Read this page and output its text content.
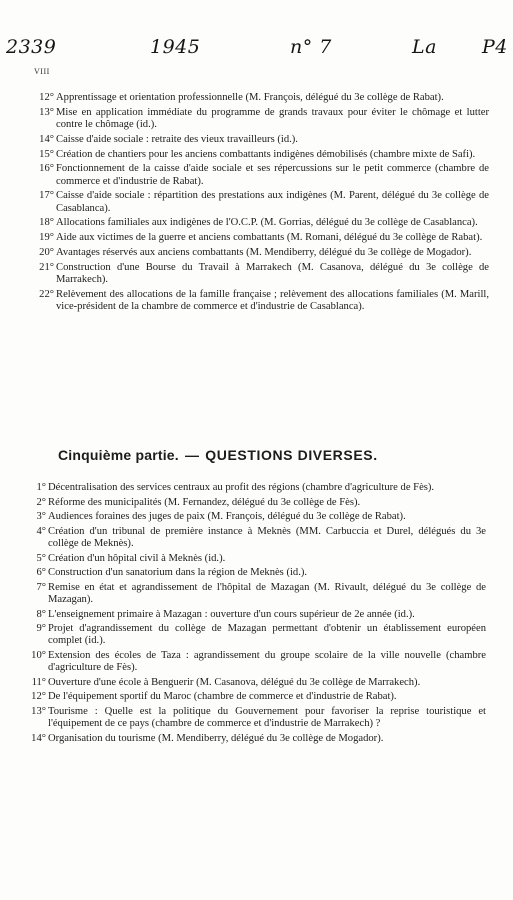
2339	1945	n° 7	La P4
VIII
12° Apprentissage et orientation professionnelle (M. François, délégué du 3e collège de Rabat).
13° Mise en application immédiate du programme de grands travaux pour éviter le chômage et lutter contre le chômage (id.).
14° Caisse d'aide sociale : retraite des vieux travailleurs (id.).
15° Création de chantiers pour les anciens combattants indigènes démobilisés (chambre mixte de Safi).
16° Fonctionnement de la caisse d'aide sociale et ses répercussions sur le petit commerce (chambre de commerce et d'industrie de Rabat).
17° Caisse d'aide sociale : répartition des prestations aux indigènes (M. Parent, délégué du 3e collège de Casablanca).
18° Allocations familiales aux indigènes de l'O.C.P. (M. Gorrias, délégué du 3e collège de Casablanca).
19° Aide aux victimes de la guerre et anciens combattants (M. Romani, délégué du 3e collège de Rabat).
20° Avantages réservés aux anciens combattants (M. Mendiberry, délégué du 3e collège de Mogador).
21° Construction d'une Bourse du Travail à Marrakech (M. Casanova, délégué du 3e collège de Marrakech).
22° Relèvement des allocations de la famille française ; relèvement des allocations familiales (M. Marill, vice-président de la chambre de commerce et d'industrie de Casablanca).
Cinquième partie. — QUESTIONS DIVERSES.
1° Décentralisation des services centraux au profit des régions (chambre d'agriculture de Fès).
2° Réforme des municipalités (M. Fernandez, délégué du 3e collège de Fès).
3° Audiences foraines des juges de paix (M. François, délégué du 3e collège de Rabat).
4° Création d'un tribunal de première instance à Meknès (MM. Carbuccia et Durel, délégués du 3e collège de Meknès).
5° Création d'un hôpital civil à Meknès (id.).
6° Construction d'un sanatorium dans la région de Meknès (id.).
7° Remise en état et agrandissement de l'hôpital de Mazagan (M. Rivault, délégué du 3e collège de Mazagan).
8° L'enseignement primaire à Mazagan : ouverture d'un cours supérieur de 2e année (id.).
9° Projet d'agrandissement du collège de Mazagan permettant d'obtenir un établissement européen complet (id.).
10° Extension des écoles de Taza : agrandissement du groupe scolaire de la ville nouvelle (chambre d'agriculture de Fès).
11° Ouverture d'une école à Benguerir (M. Casanova, délégué du 3e collège de Marrakech).
12° De l'équipement sportif du Maroc (chambre de commerce et d'industrie de Rabat).
13° Tourisme : Quelle est la politique du Gouvernement pour favoriser la reprise touristique et l'équipement de ce pays (chambre de commerce et d'industrie de Marrakech) ?
14° Organisation du tourisme (M. Mendiberry, délégué du 3e collège de Mogador).
